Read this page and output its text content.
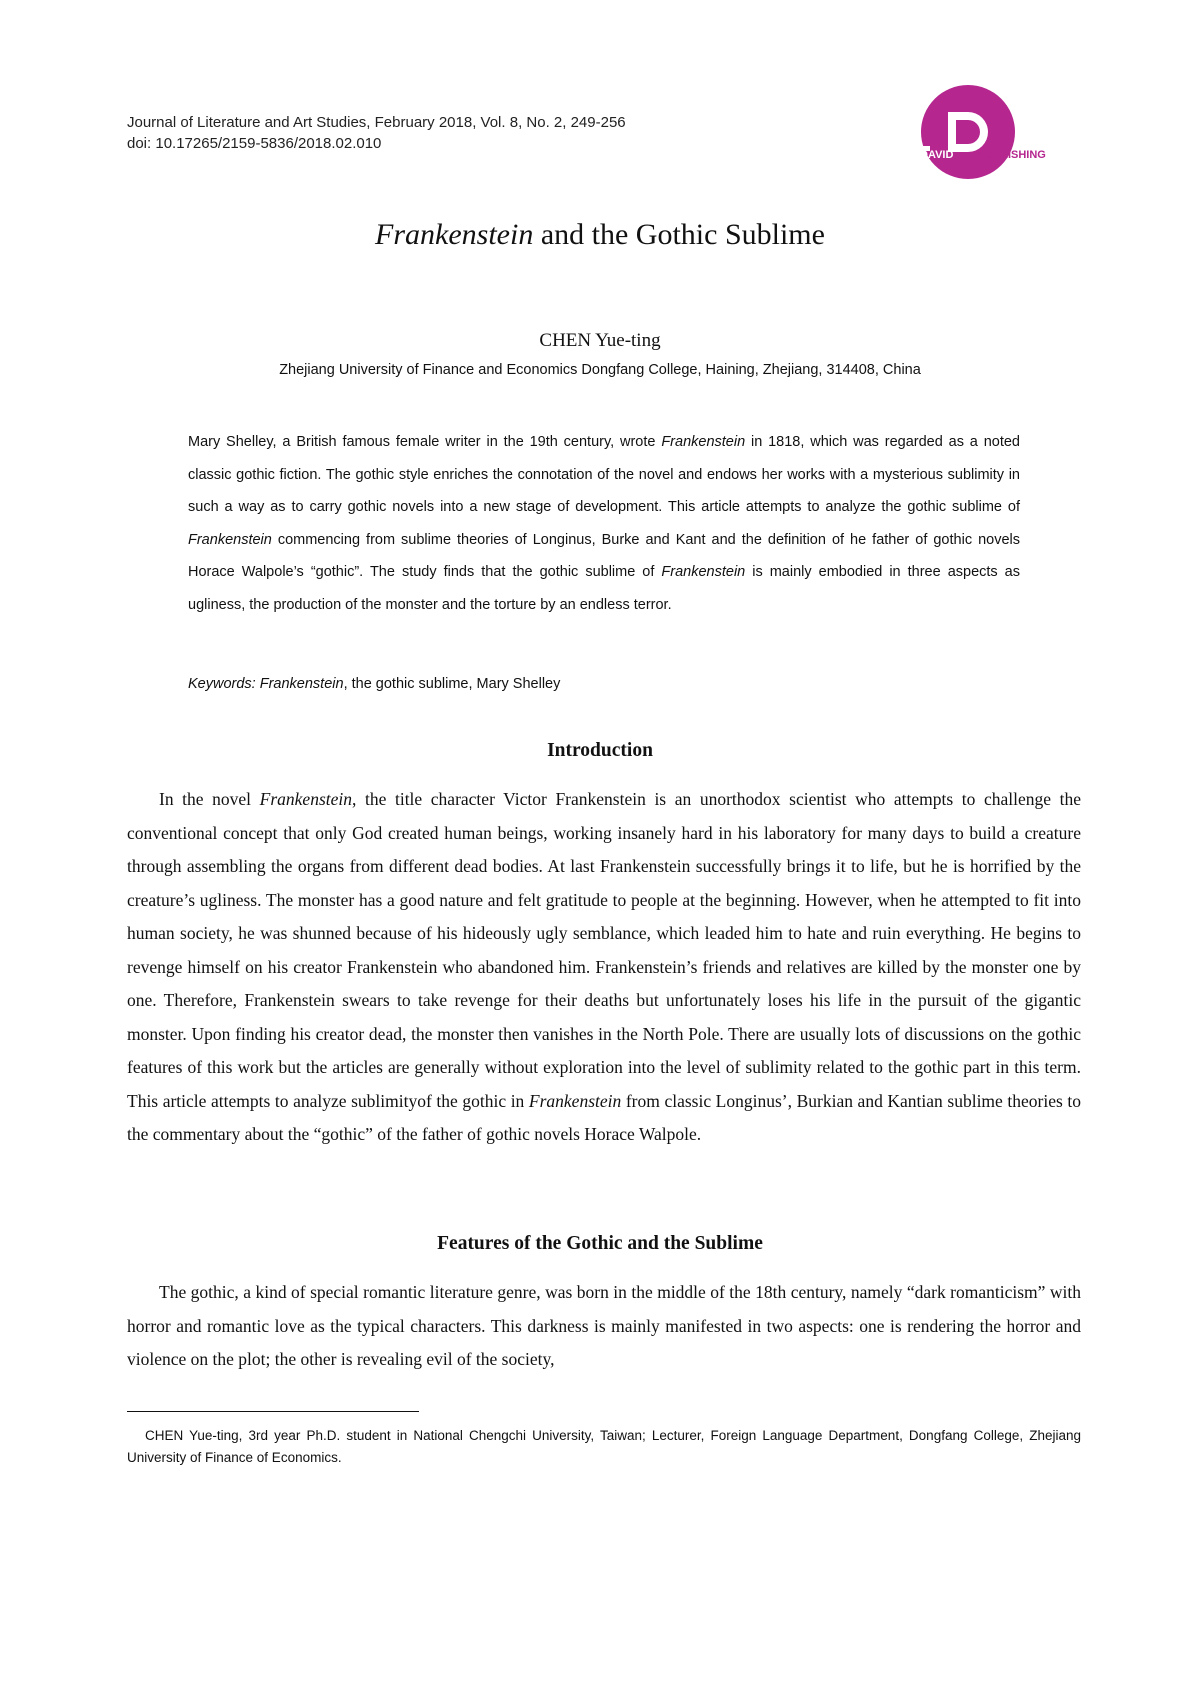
Journal of Literature and Art Studies, February 2018, Vol. 8, No. 2, 249-256
doi: 10.17265/2159-5836/2018.02.010
DAVID PUBLISHING
Frankenstein and the Gothic Sublime
CHEN Yue-ting
Zhejiang University of Finance and Economics Dongfang College, Haining, Zhejiang, 314408, China

Mary Shelley, a British famous female writer in the 19th century, wrote Frankenstein in 1818, which was regarded as a noted classic gothic fiction. The gothic style enriches the connotation of the novel and endows her works with a mysterious sublimity in such a way as to carry gothic novels into a new stage of development. This article attempts to analyze the gothic sublime of Frankenstein commencing from sublime theories of Longinus, Burke and Kant and the definition of he father of gothic novels Horace Walpole’s “gothic”. The study finds that the gothic sublime of Frankenstein is mainly embodied in three aspects as ugliness, the production of the monster and the torture by an endless terror.

Keywords: Frankenstein, the gothic sublime, Mary Shelley

Introduction

In the novel Frankenstein, the title character Victor Frankenstein is an unorthodox scientist who attempts to challenge the conventional concept that only God created human beings, working insanely hard in his laboratory for many days to build a creature through assembling the organs from different dead bodies. At last Frankenstein successfully brings it to life, but he is horrified by the creature’s ugliness. The monster has a good nature and felt gratitude to people at the beginning. However, when he attempted to fit into human society, he was shunned because of his hideously ugly semblance, which leaded him to hate and ruin everything. He begins to revenge himself on his creator Frankenstein who abandoned him. Frankenstein’s friends and relatives are killed by the monster one by one. Therefore, Frankenstein swears to take revenge for their deaths but unfortunately loses his life in the pursuit of the gigantic monster. Upon finding his creator dead, the monster then vanishes in the North Pole. There are usually lots of discussions on the gothic features of this work but the articles are generally without exploration into the level of sublimity related to the gothic part in this term. This article attempts to analyze sublimityof the gothic in Frankenstein from classic Longinus’, Burkian and Kantian sublime theories to the commentary about the “gothic” of the father of gothic novels Horace Walpole.

Features of the Gothic and the Sublime

The gothic, a kind of special romantic literature genre, was born in the middle of the 18th century, namely “dark romanticism” with horror and romantic love as the typical characters. This darkness is mainly manifested in two aspects: one is rendering the horror and violence on the plot; the other is revealing evil of the society,

CHEN Yue-ting, 3rd year Ph.D. student in National Chengchi University, Taiwan; Lecturer, Foreign Language Department, Dongfang College, Zhejiang University of Finance of Economics.
